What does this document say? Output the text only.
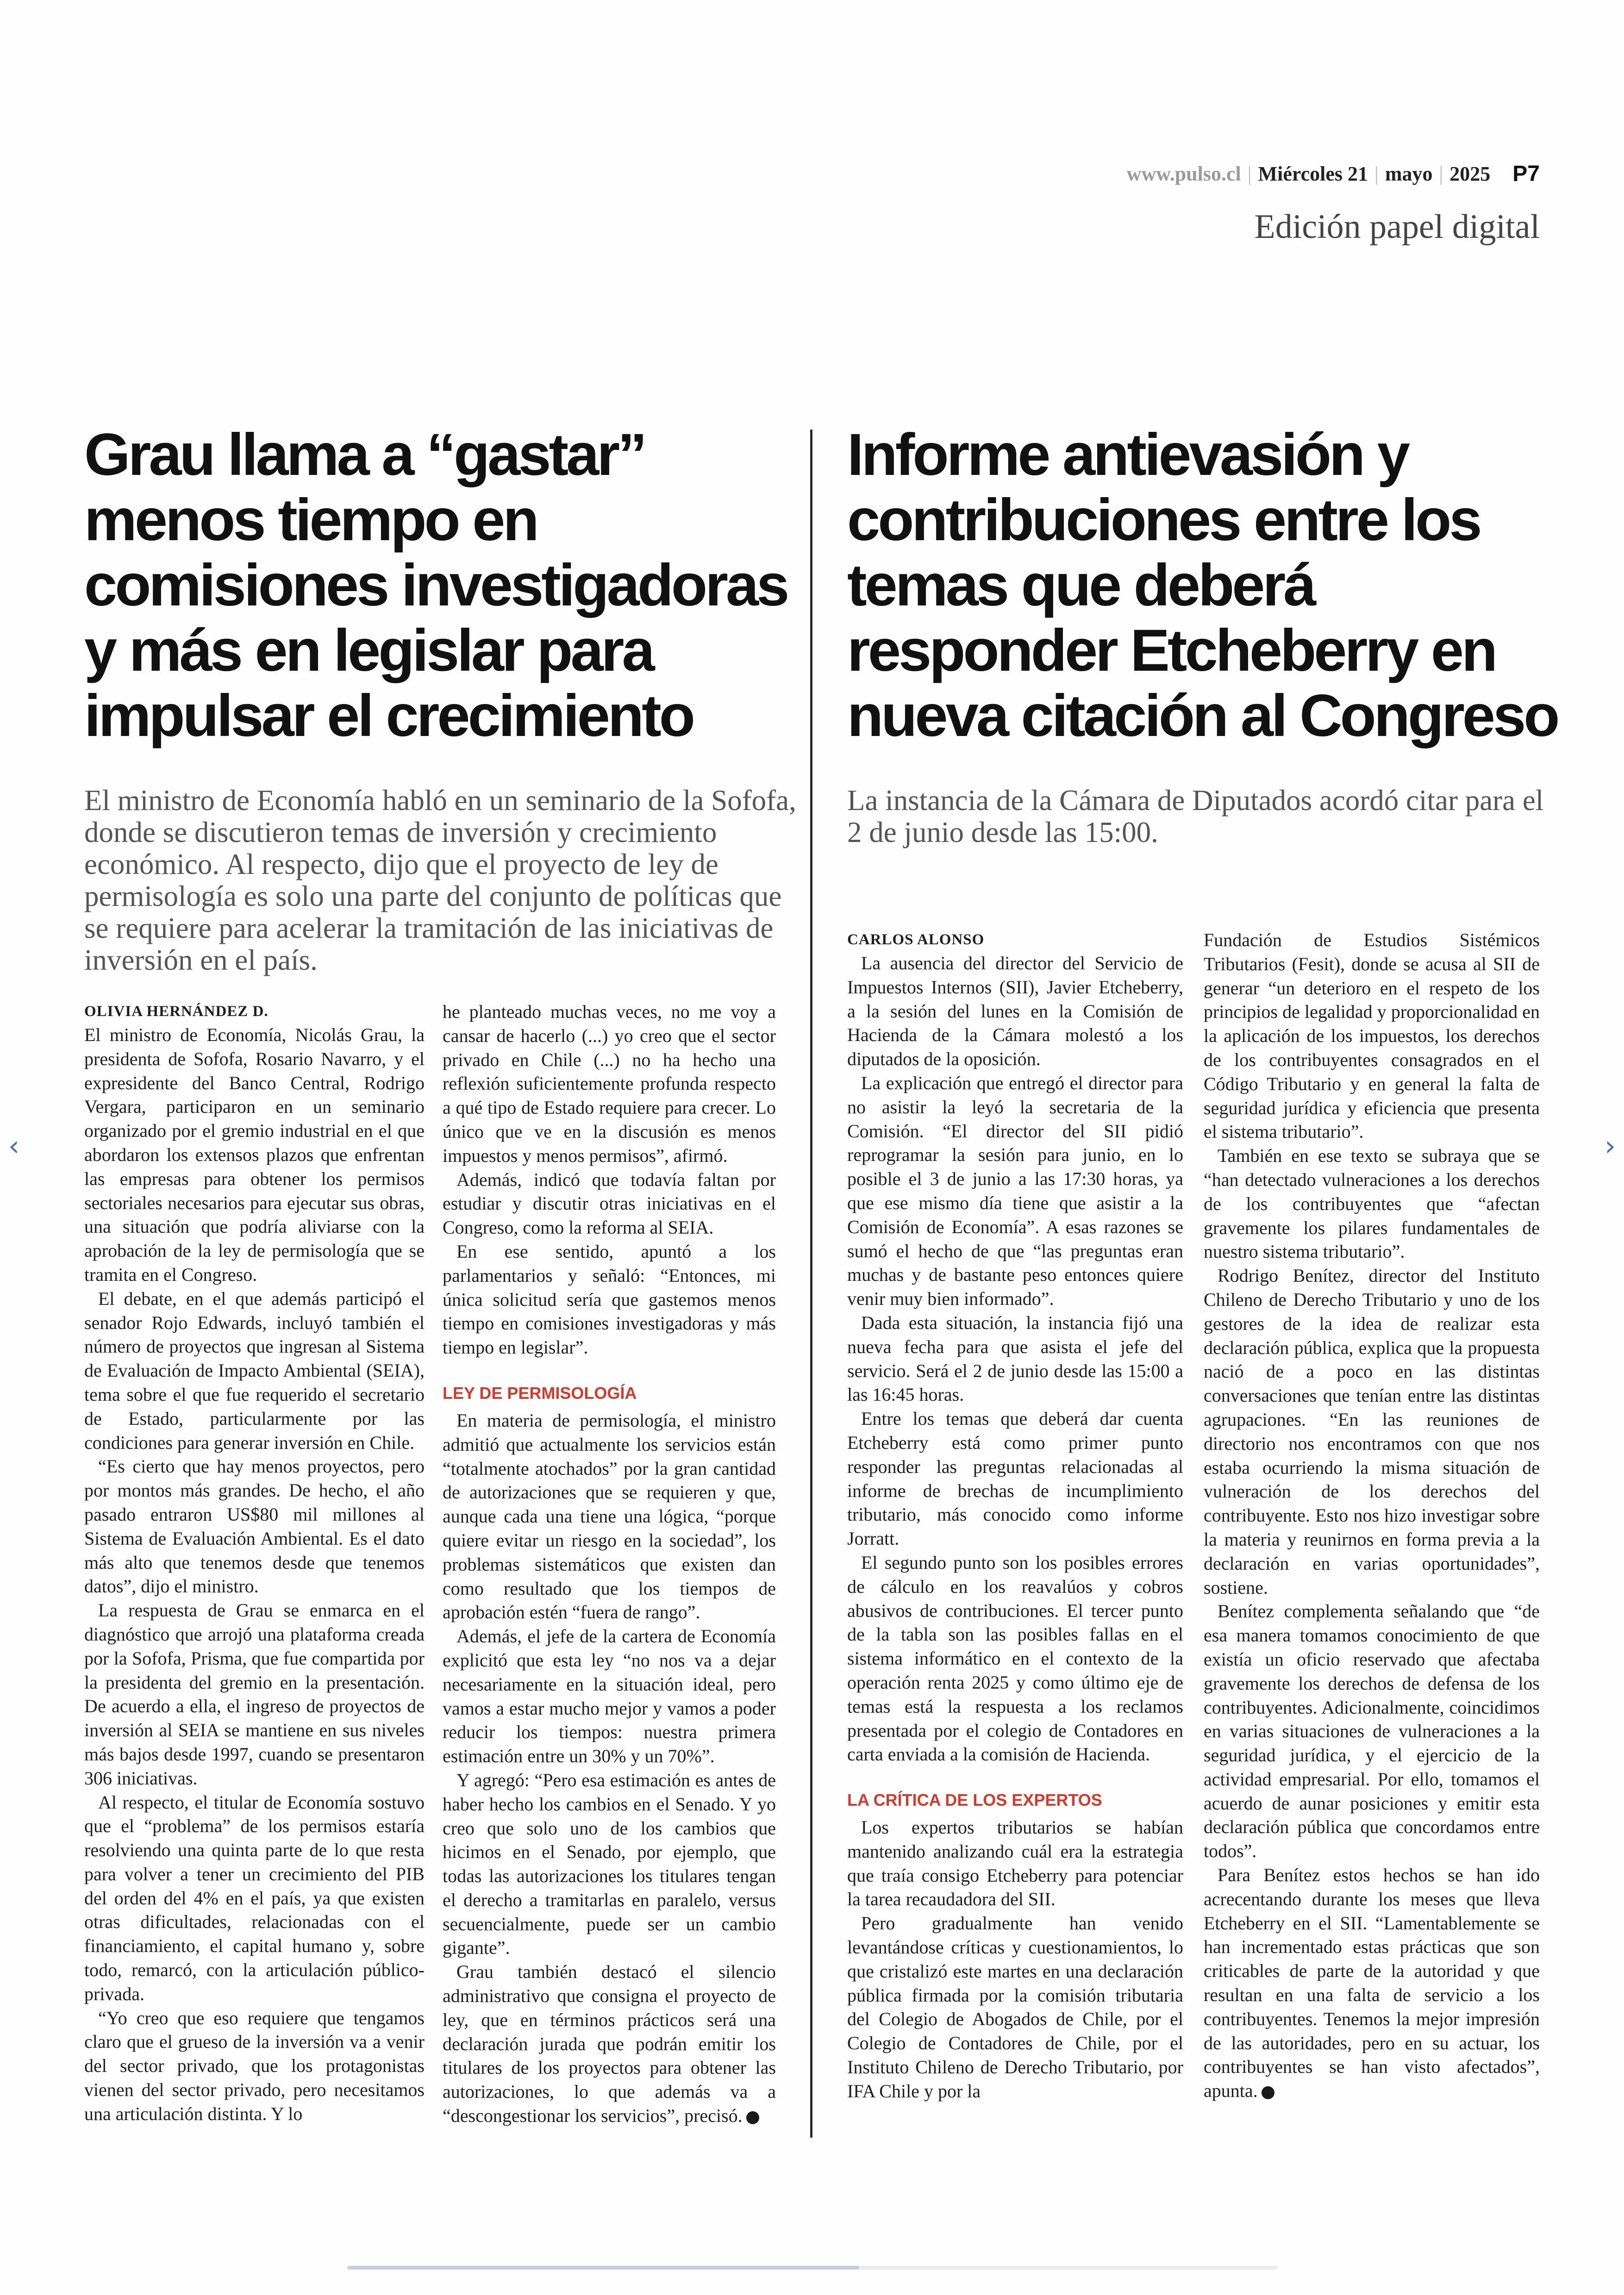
www.pulso.cl | Miércoles 21 | mayo | 2025 P7
Edición papel digital
Grau llama a “gastar” menos tiempo en comisiones investigadoras y más en legislar para impulsar el crecimiento

El ministro de Economía habló en un seminario de la Sofofa, donde se discutieron temas de inversión y crecimiento económico. Al respecto, dijo que el proyecto de ley de permisología es solo una parte del conjunto de políticas que se requiere para acelerar la tramitación de las iniciativas de inversión en el país.

OLIVIA HERNÁNDEZ D.

El ministro de Economía, Nicolás Grau, la presidenta de Sofofa, Rosario Navarro, y el expresidente del Banco Central, Rodrigo Vergara, participaron en un seminario organizado por el gremio industrial en el que abordaron los extensos plazos que enfrentan las empresas para obtener los permisos sectoriales necesarios para ejecutar sus obras, una situación que podría aliviarse con la aprobación de la ley de permisología que se tramita en el Congreso.

El debate, en el que además participó el senador Rojo Edwards, incluyó también el número de proyectos que ingresan al Sistema de Evaluación de Impacto Ambiental (SEIA), tema sobre el que fue requerido el secretario de Estado, particularmente por las condiciones para generar inversión en Chile.

“Es cierto que hay menos proyectos, pero por montos más grandes. De hecho, el año pasado entraron US$80 mil millones al Sistema de Evaluación Ambiental. Es el dato más alto que tenemos desde que tenemos datos”, dijo el ministro.

La respuesta de Grau se enmarca en el diagnóstico que arrojó una plataforma creada por la Sofofa, Prisma, que fue compartida por la presidenta del gremio en la presentación. De acuerdo a ella, el ingreso de proyectos de inversión al SEIA se mantiene en sus niveles más bajos desde 1997, cuando se presentaron 306 iniciativas.

Al respecto, el titular de Economía sostuvo que el “problema” de los permisos estaría resolviendo una quinta parte de lo que resta para volver a tener un crecimiento del PIB del orden del 4% en el país, ya que existen otras dificultades, relacionadas con el financiamiento, el capital humano y, sobre todo, remarcó, con la articulación público-privada.

“Yo creo que eso requiere que tengamos claro que el grueso de la inversión va a venir del sector privado, que los protagonistas vienen del sector privado, pero necesitamos una articulación distinta. Y lo

he planteado muchas veces, no me voy a cansar de hacerlo (...) yo creo que el sector privado en Chile (...) no ha hecho una reflexión suficientemente profunda respecto a qué tipo de Estado requiere para crecer. Lo único que ve en la discusión es menos impuestos y menos permisos”, afirmó.

Además, indicó que todavía faltan por estudiar y discutir otras iniciativas en el Congreso, como la reforma al SEIA.

En ese sentido, apuntó a los parlamentarios y señaló: “Entonces, mi única solicitud sería que gastemos menos tiempo en comisiones investigadoras y más tiempo en legislar”.

LEY DE PERMISOLOGÍA

En materia de permisología, el ministro admitió que actualmente los servicios están “totalmente atochados” por la gran cantidad de autorizaciones que se requieren y que, aunque cada una tiene una lógica, “porque quiere evitar un riesgo en la sociedad”, los problemas sistemáticos que existen dan como resultado que los tiempos de aprobación estén “fuera de rango”.

Además, el jefe de la cartera de Economía explicitó que esta ley “no nos va a dejar necesariamente en la situación ideal, pero vamos a estar mucho mejor y vamos a poder reducir los tiempos: nuestra primera estimación entre un 30% y un 70%”.

Y agregó: “Pero esa estimación es antes de haber hecho los cambios en el Senado. Y yo creo que solo uno de los cambios que hicimos en el Senado, por ejemplo, que todas las autorizaciones los titulares tengan el derecho a tramitarlas en paralelo, versus secuencialmente, puede ser un cambio gigante”.

Grau también destacó el silencio administrativo que consigna el proyecto de ley, que en términos prácticos será una declaración jurada que podrán emitir los titulares de los proyectos para obtener las autorizaciones, lo que además va a “descongestionar los servicios”, precisó.

Informe antievasión y contribuciones entre los temas que deberá responder Etcheberry en nueva citación al Congreso

La instancia de la Cámara de Diputados acordó citar para el 2 de junio desde las 15:00.

CARLOS ALONSO

La ausencia del director del Servicio de Impuestos Internos (SII), Javier Etcheberry, a la sesión del lunes en la Comisión de Hacienda de la Cámara molestó a los diputados de la oposición.

La explicación que entregó el director para no asistir la leyó la secretaria de la Comisión. “El director del SII pidió reprogramar la sesión para junio, en lo posible el 3 de junio a las 17:30 horas, ya que ese mismo día tiene que asistir a la Comisión de Economía”. A esas razones se sumó el hecho de que “las preguntas eran muchas y de bastante peso entonces quiere venir muy bien informado”.

Dada esta situación, la instancia fijó una nueva fecha para que asista el jefe del servicio. Será el 2 de junio desde las 15:00 a las 16:45 horas.

Entre los temas que deberá dar cuenta Etcheberry está como primer punto responder las preguntas relacionadas al informe de brechas de incumplimiento tributario, más conocido como informe Jorratt.

El segundo punto son los posibles errores de cálculo en los reavalúos y cobros abusivos de contribuciones. El tercer punto de la tabla son las posibles fallas en el sistema informático en el contexto de la operación renta 2025 y como último eje de temas está la respuesta a los reclamos presentada por el colegio de Contadores en carta enviada a la comisión de Hacienda.

LA CRÍTICA DE LOS EXPERTOS

Los expertos tributarios se habían mantenido analizando cuál era la estrategia que traía consigo Etcheberry para potenciar la tarea recaudadora del SII.

Pero gradualmente han venido levantándose críticas y cuestionamientos, lo que cristalizó este martes en una declaración pública firmada por la comisión tributaria del Colegio de Abogados de Chile, por el Colegio de Contadores de Chile, por el Instituto Chileno de Derecho Tributario, por IFA Chile y por la

Fundación de Estudios Sistémicos Tributarios (Fesit), donde se acusa al SII de generar “un deterioro en el respeto de los principios de legalidad y proporcionalidad en la aplicación de los impuestos, los derechos de los contribuyentes consagrados en el Código Tributario y en general la falta de seguridad jurídica y eficiencia que presenta el sistema tributario”.

También en ese texto se subraya que se “han detectado vulneraciones a los derechos de los contribuyentes que “afectan gravemente los pilares fundamentales de nuestro sistema tributario”.

Rodrigo Benítez, director del Instituto Chileno de Derecho Tributario y uno de los gestores de la idea de realizar esta declaración pública, explica que la propuesta nació de a poco en las distintas conversaciones que tenían entre las distintas agrupaciones. “En las reuniones de directorio nos encontramos con que nos estaba ocurriendo la misma situación de vulneración de los derechos del contribuyente. Esto nos hizo investigar sobre la materia y reunirnos en forma previa a la declaración en varias oportunidades”, sostiene.

Benítez complementa señalando que “de esa manera tomamos conocimiento de que existía un oficio reservado que afectaba gravemente los derechos de defensa de los contribuyentes. Adicionalmente, coincidimos en varias situaciones de vulneraciones a la seguridad jurídica, y el ejercicio de la actividad empresarial. Por ello, tomamos el acuerdo de aunar posiciones y emitir esta declaración pública que concordamos entre todos”.

Para Benítez estos hechos se han ido acrecentando durante los meses que lleva Etcheberry en el SII. “Lamentablemente se han incrementado estas prácticas que son criticables de parte de la autoridad y que resultan en una falta de servicio a los contribuyentes. Tenemos la mejor impresión de las autoridades, pero en su actuar, los contribuyentes se han visto afectados”, apunta.

‹	›
